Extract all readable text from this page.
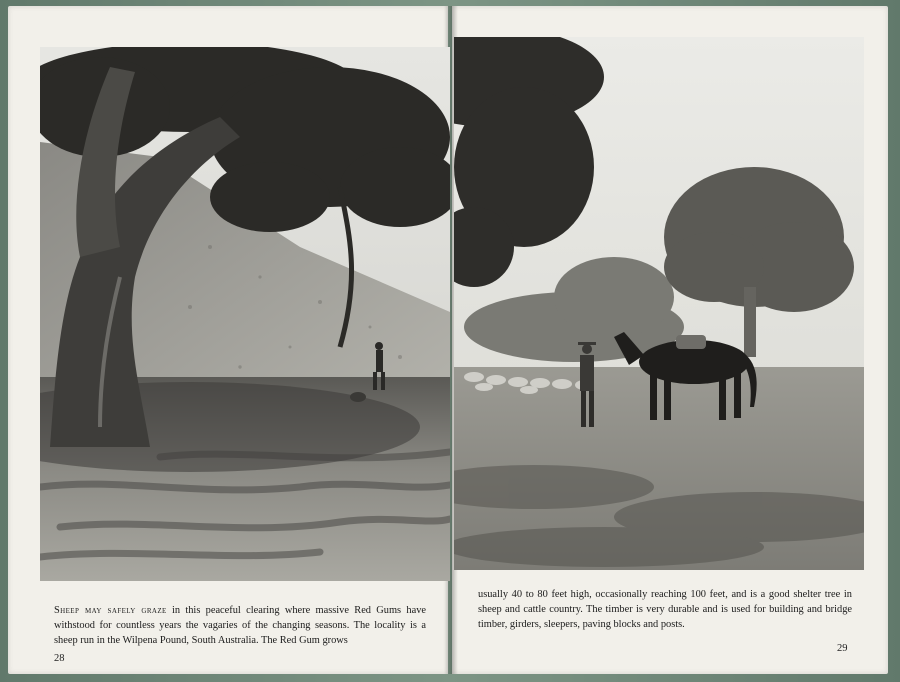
Sheep may safely graze in this peaceful clearing where massive Red Gums have withstood for countless years the vagaries of the changing seasons. The locality is a sheep run in the Wilpena Pound, South Australia. The Red Gum grows
usually 40 to 80 feet high, occasionally reaching 100 feet, and is a good shelter tree in sheep and cattle country. The timber is very durable and is used for building and bridge timber, girders, sleepers, paving blocks and posts.
28
29
